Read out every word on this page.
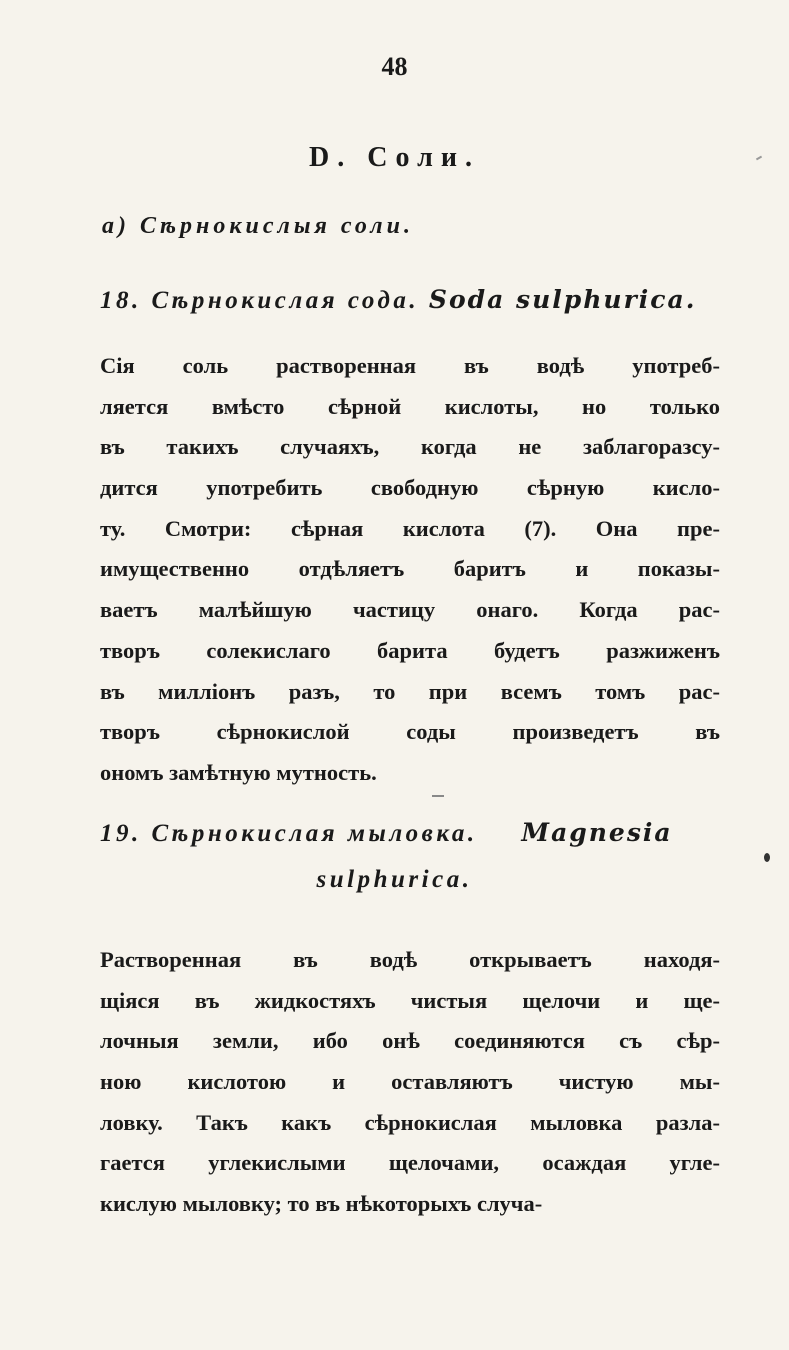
48
D. Соли.
a) Сѣрнокислыя соли.
18. Сѣрнокислая сода. Soda sulphurica.
Сія соль растворенная въ водѣ употреб-
ляется вмѣсто сѣрной кислоты, но только
въ такихъ случаяхъ, когда не заблагоразсу-
дится употребить свободную сѣрную кисло-
ту. Смотри: сѣрная кислота (7). Она пре-
имущественно отдѣляетъ баритъ и показы-
ваетъ малѣйшую частицу онаго. Когда рас-
творъ солекислаго барита будетъ разжиженъ
въ милліонъ разъ, то при всемъ томъ рас-
творъ сѣрнокислой соды произведетъ въ
ономъ замѣтную мутность.
19. Сѣрнокислая мыловка. Magnesia
sulphurica.
Растворенная въ водѣ открываетъ находя-
щіяся въ жидкостяхъ чистыя щелочи и ще-
лочныя земли, ибо онѣ соединяются съ сѣр-
ною кислотою и оставляютъ чистую мы-
ловку. Такъ какъ сѣрнокислая мыловка разла-
гается углекислыми щелочами, осаждая угле-
кислую мыловку; то въ нѣкоторыхъ случа-
